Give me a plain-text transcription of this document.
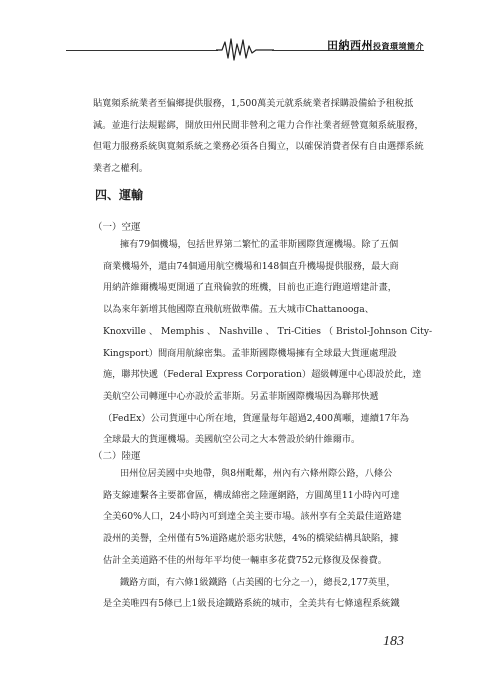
田納西州投資環境簡介
貼寬頻系統業者至偏鄉提供服務，1,500萬美元就系統業者採購設備給予租稅抵
減。並進行法規鬆綁，開放田州民間非營利之電力合作社業者經營寬頻系統服務，
但電力服務系統與寬頻系統之業務必須各自獨立，以確保消費者保有自由選擇系統
業者之權利。
四、運輸
（一）空運
擁有79個機場，包括世界第二繁忙的孟菲斯國際貨運機場。除了五個
商業機場外，還由74個通用航空機場和148個直升機場提供服務，最大商
用納許維爾機場更開通了直飛倫敦的班機，目前也正進行跑道增建計畫，
以為來年新增其他國際直飛航班做準備。五大城市Chattanooga、
Knoxville 、 Memphis 、 Nashville 、 Tri-Cities （ Bristol-Johnson City-
Kingsport）間商用航線密集。孟菲斯國際機場擁有全球最大貨運處理設
施，聯邦快遞（Federal Express Corporation）超級轉運中心即設於此，達
美航空公司轉運中心亦設於孟菲斯。另孟菲斯國際機場因為聯邦快遞
（FedEx）公司貨運中心所在地，貨運量每年超過2,400萬噸，連續17年為
全球最大的貨運機場。美國航空公司之大本營設於納什維爾市。
（二）陸運
田州位居美國中央地帶，與8州毗鄰，州內有六條州際公路，八條公
路支線連繫各主要都會區，構成綿密之陸運網路，方圓萬里11小時內可達
全美60%人口，24小時內可到達全美主要市場。該州享有全美最佳道路建
設州的美譽，全州僅有5%道路處於惡劣狀態，4%的橋梁結構具缺陷，據
估計全美道路不佳的州每年平均使一輛車多花費752元修復及保養費。
鐵路方面，有六條1級鐵路（占美國的七分之一），總長2,177英里，
是全美唯四有5條已上1級長途鐵路系統的城市，全美共有七條遠程系統鐵
183
